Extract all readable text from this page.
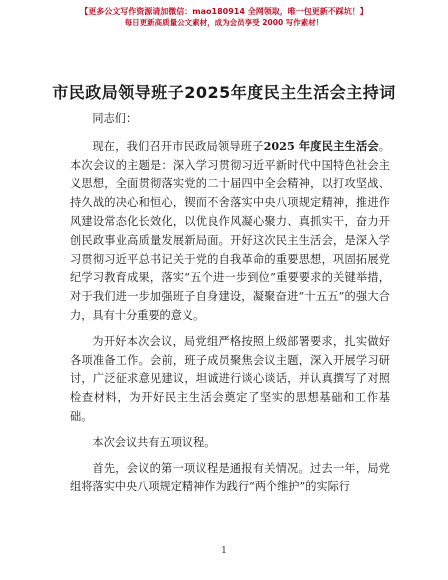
【更多公文写作资源请加微信：mao180914 全网领取，唯一包更新不踩坑！】
每日更新高质量公文素材，成为会员享受 2000 写作素材！
市民政局领导班子2025年度民主生活会主持词

同志们：

现在，我们召开市民政局领导班子2025 年度民主生活会。本次会议的主题是：深入学习贯彻习近平新时代中国特色社会主义思想，全面贯彻落实党的二十届四中全会精神，以打攻坚战、持久战的决心和恒心，锲而不舍落实中央八项规定精神，推进作风建设常态化长效化，以优良作风凝心聚力、真抓实干，奋力开创民政事业高质量发展新局面。开好这次民主生活会，是深入学习贯彻习近平总书记关于党的自我革命的重要思想，巩固拓展党纪学习教育成果，落实“五个进一步到位”重要要求的关键举措，对于我们进一步加强班子自身建设，凝聚奋进“十五五”的强大合力，具有十分重要的意义。

为开好本次会议，局党组严格按照上级部署要求，扎实做好各项准备工作。会前，班子成员聚焦会议主题，深入开展学习研讨，广泛征求意见建议，坦诚进行谈心谈话，并认真撰写了对照检查材料，为开好民主生活会奠定了坚实的思想基础和工作基础。

本次会议共有五项议程。

首先，会议的第一项议程是通报有关情况。过去一年，局党组将落实中央八项规定精神作为践行“两个维护”的实际行

1
